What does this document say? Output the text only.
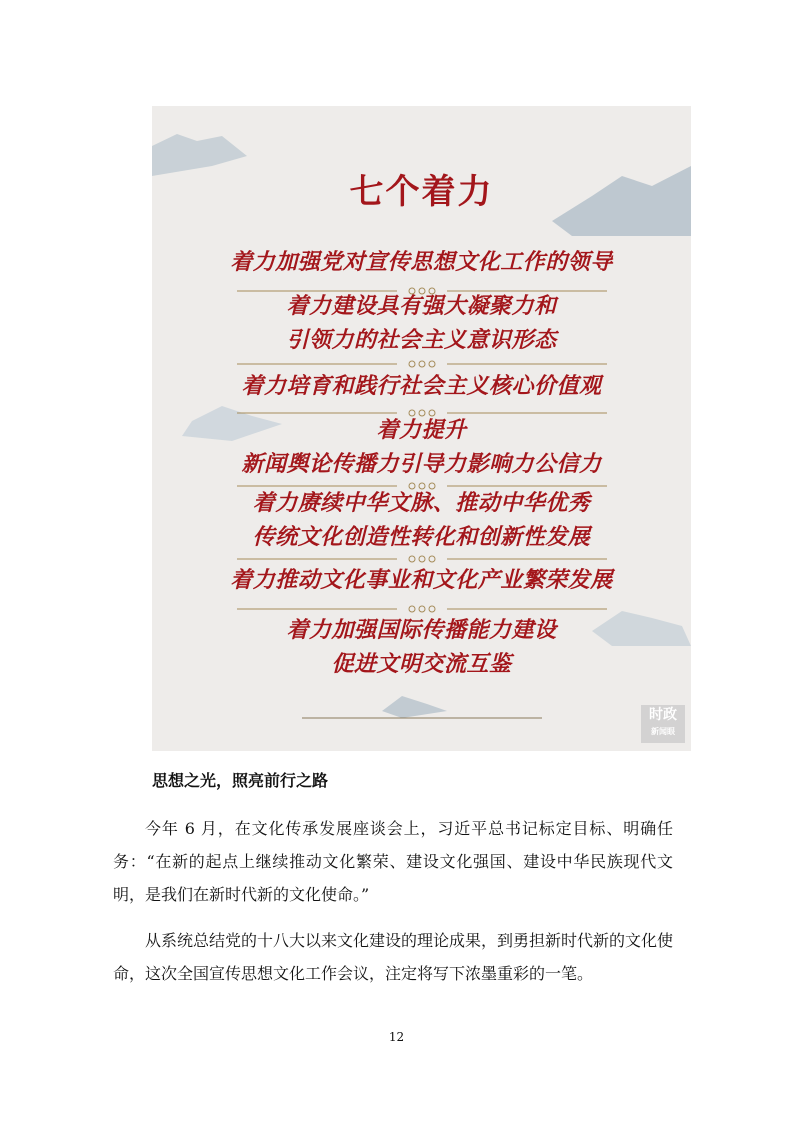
七个着力
着力加强党对宣传思想文化工作的领导
着力建设具有强大凝聚力和
引领力的社会主义意识形态
着力培育和践行社会主义核心价值观
着力提升
新闻舆论传播力引导力影响力公信力
着力赓续中华文脉、推动中华优秀
传统文化创造性转化和创新性发展
着力推动文化事业和文化产业繁荣发展
着力加强国际传播能力建设
促进文明交流互鉴
时政
新闻眼
思想之光，照亮前行之路

今年 6 月，在文化传承发展座谈会上，习近平总书记标定目标、明确任务：“在新的起点上继续推动文化繁荣、建设文化强国、建设中华民族现代文明，是我们在新时代新的文化使命。”

从系统总结党的十八大以来文化建设的理论成果，到勇担新时代新的文化使命，这次全国宣传思想文化工作会议，注定将写下浓墨重彩的一笔。

12
